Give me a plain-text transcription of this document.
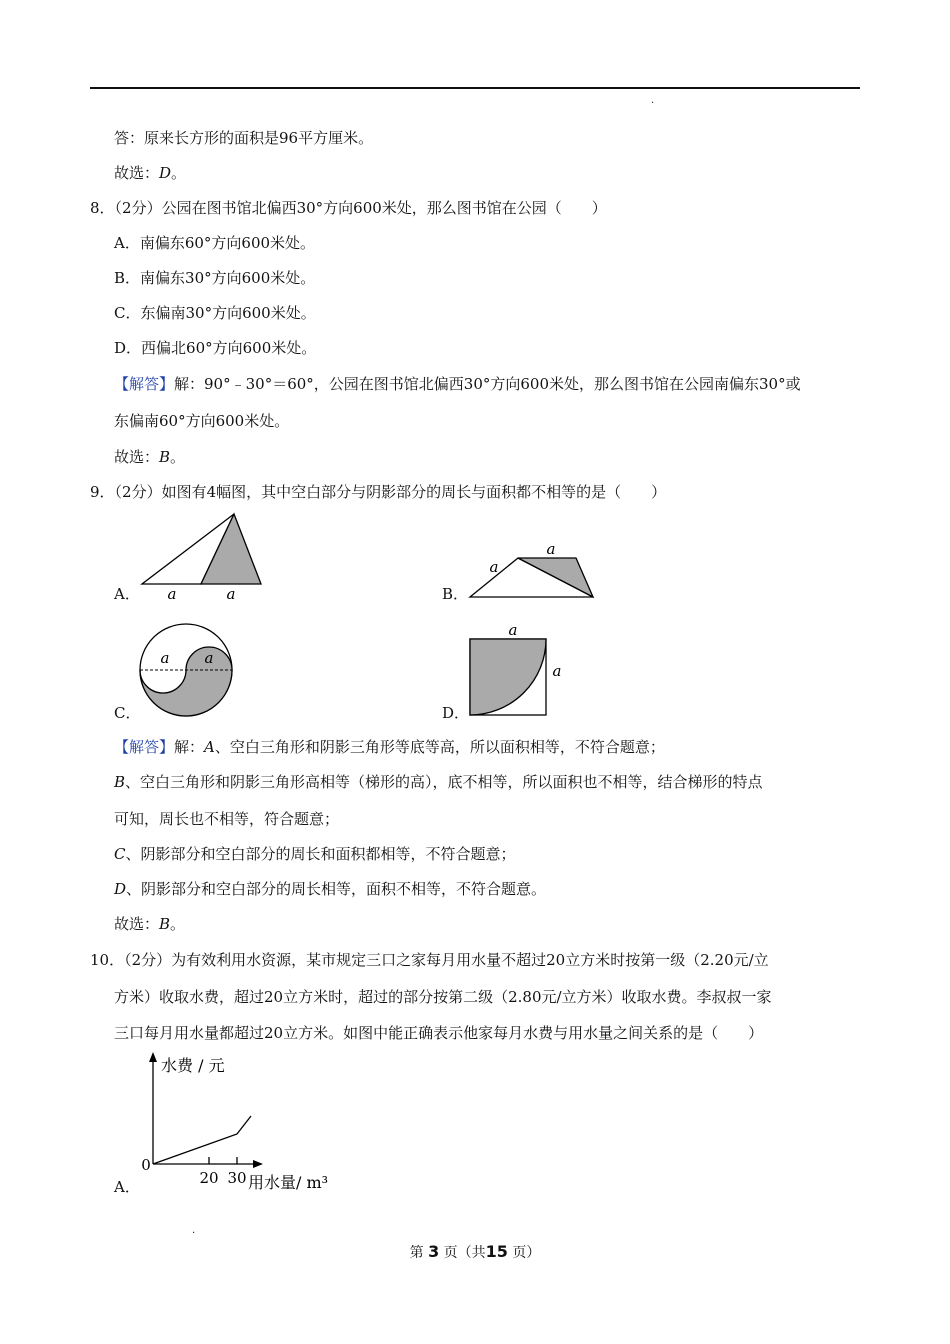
.
答：原来长方形的面积是96平方厘米。
故选：D。
8．（2分）公园在图书馆北偏西30°方向600米处，那么图书馆在公园（　　）
A．南偏东60°方向600米处。
B．南偏东30°方向600米处。
C．东偏南30°方向600米处。
D．西偏北60°方向600米处。
【解答】解：90°﹣30°＝60°，公园在图书馆北偏西30°方向600米处，那么图书馆在公园南偏东30°或
东偏南60°方向600米处。
故选：B。
9．（2分）如图有4幅图，其中空白部分与阴影部分的周长与面积都不相等的是（　　）
a	a
A．
a
a
B．
a a
C．
a
a
D．
【解答】解：A、空白三角形和阴影三角形等底等高，所以面积相等，不符合题意；
B、空白三角形和阴影三角形高相等（梯形的高），底不相等，所以面积也不相等，结合梯形的特点
可知，周长也不相等，符合题意；
C、阴影部分和空白部分的周长和面积都相等，不符合题意；
D、阴影部分和空白部分的周长相等，面积不相等，不符合题意。
故选：B。
10．（2分）为有效利用水资源，某市规定三口之家每月用水量不超过20立方米时按第一级（2.20元/立
方米）收取水费，超过20立方米时，超过的部分按第二级（2.80元/立方米）收取水费。李叔叔一家
三口每月用水量都超过20立方米。如图中能正确表示他家每月水费与用水量之间关系的是（　　）
20 30
水费 / 元
用水量/ m³
0
A．
.
第 3 页（共15 页）
